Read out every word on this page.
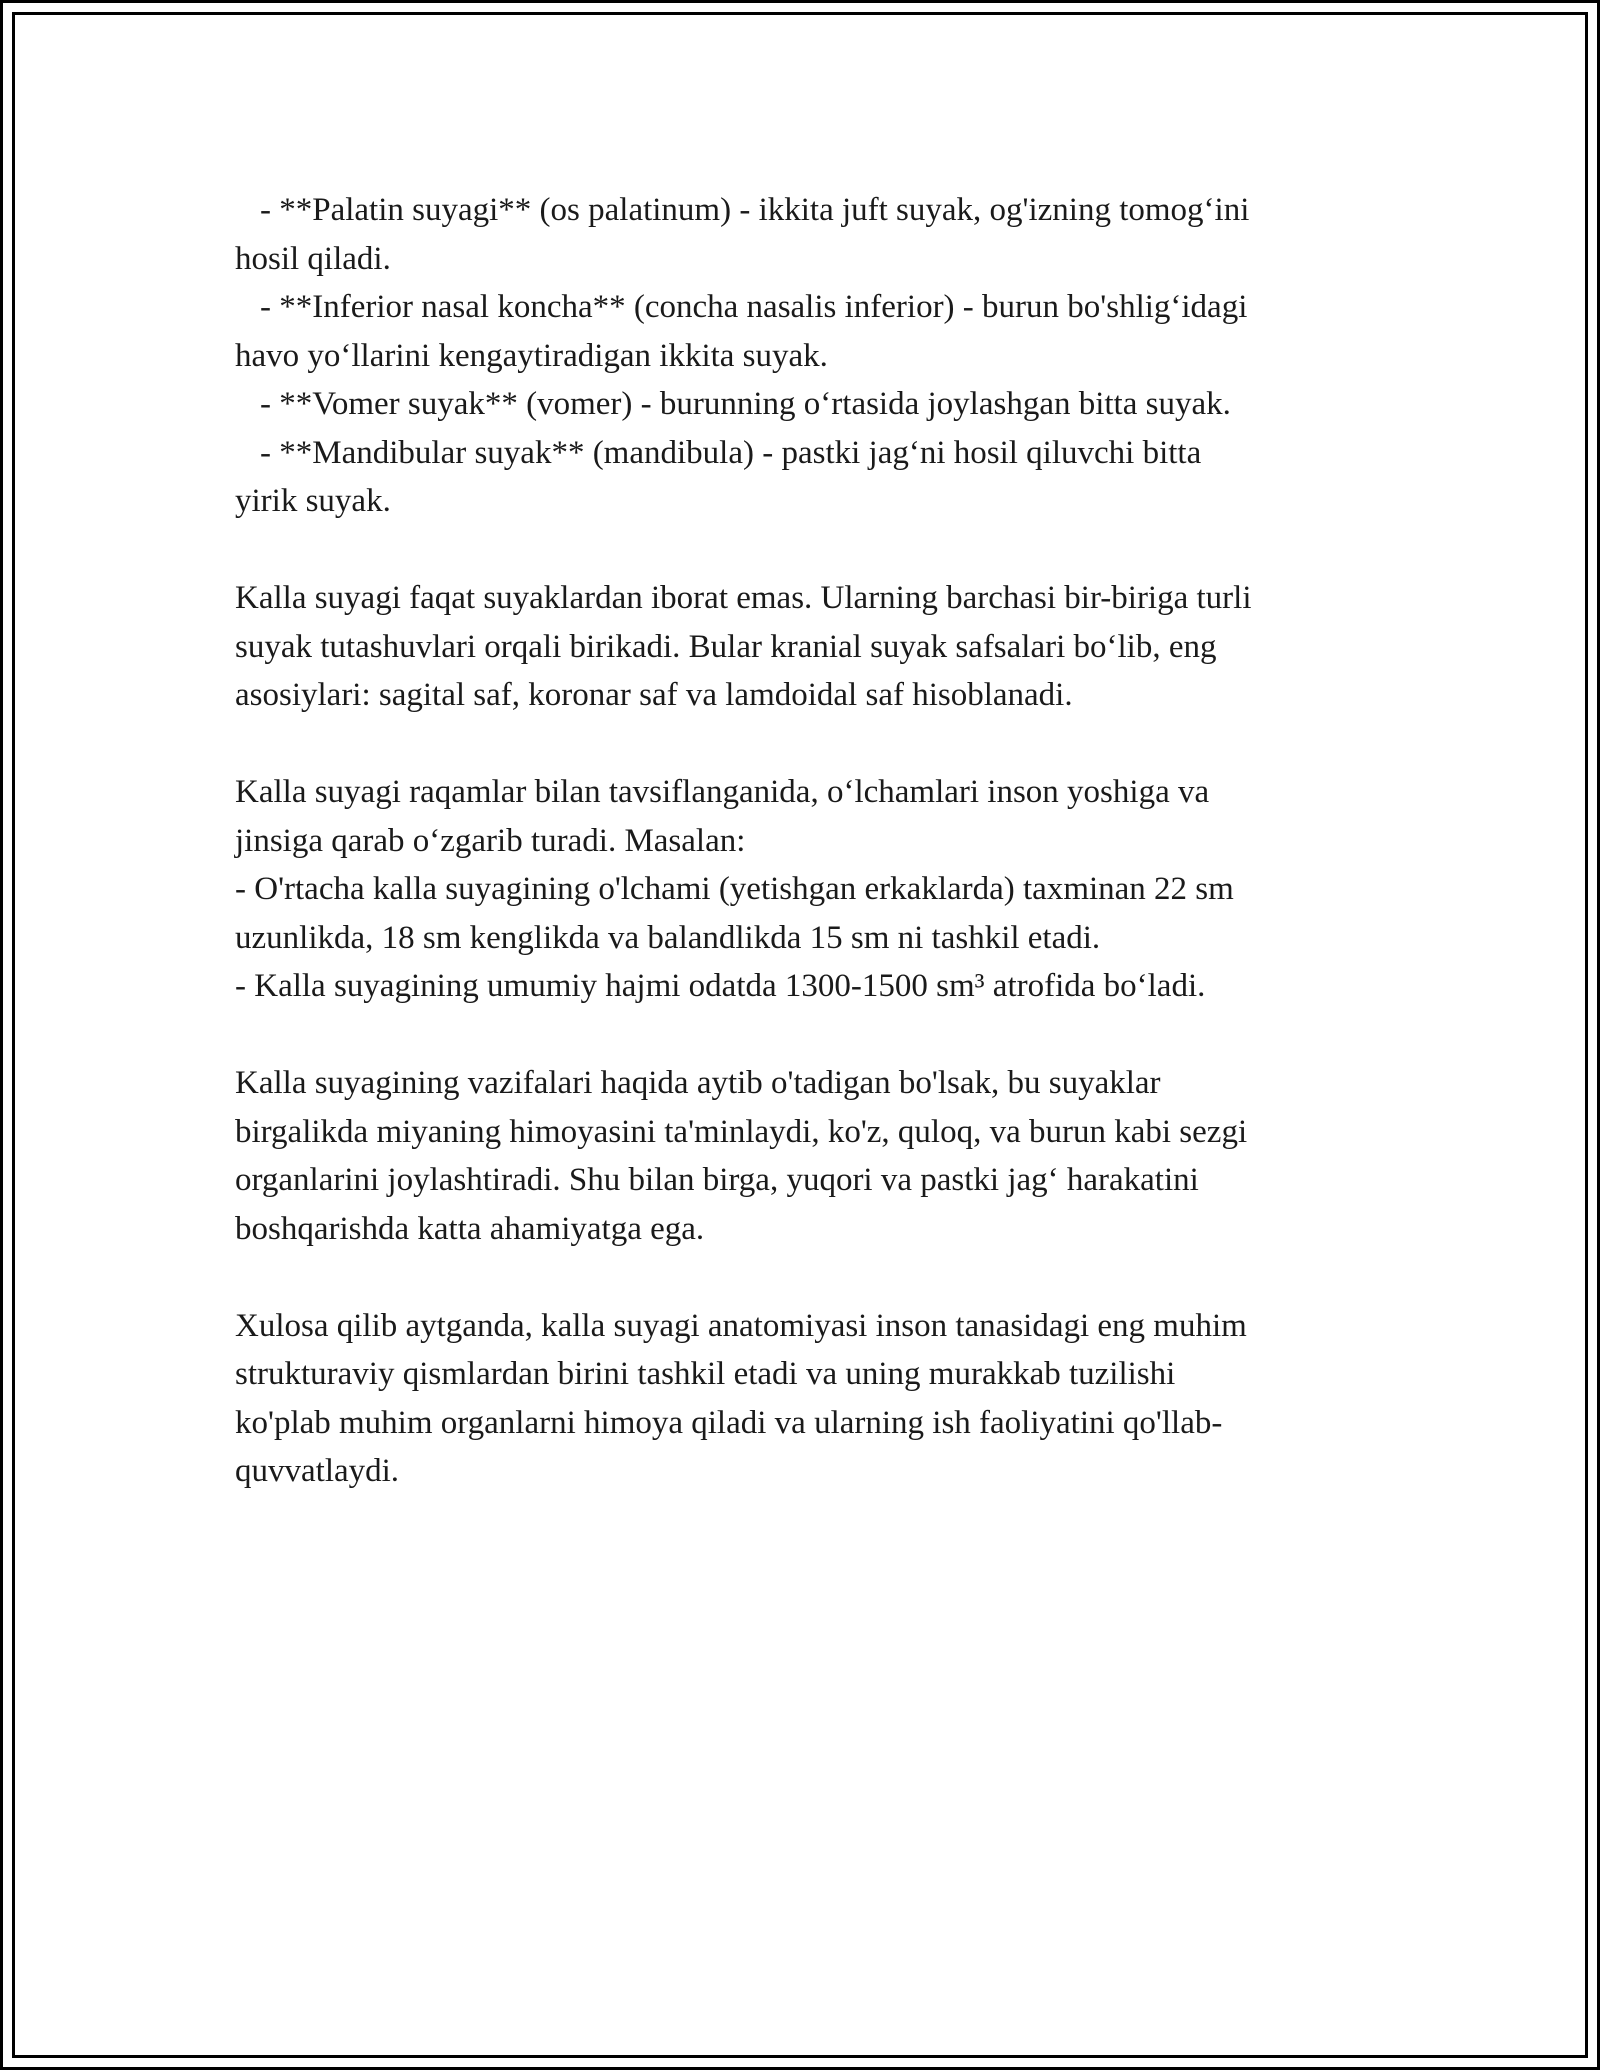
- **Palatin suyagi** (os palatinum) - ikkita juft suyak, og'izning tomog‘ini
hosil qiladi.
- **Inferior nasal koncha** (concha nasalis inferior) - burun bo'shlig‘idagi
havo yo‘llarini kengaytiradigan ikkita suyak.
- **Vomer suyak** (vomer) - burunning o‘rtasida joylashgan bitta suyak.
- **Mandibular suyak** (mandibula) - pastki jag‘ni hosil qiluvchi bitta
yirik suyak.
Kalla suyagi faqat suyaklardan iborat emas. Ularning barchasi bir-biriga turli
suyak tutashuvlari orqali birikadi. Bular kranial suyak safsalari bo‘lib, eng
asosiylari: sagital saf, koronar saf va lamdoidal saf hisoblanadi.
Kalla suyagi raqamlar bilan tavsiflanganida, o‘lchamlari inson yoshiga va
jinsiga qarab o‘zgarib turadi. Masalan:
- O'rtacha kalla suyagining o'lchami (yetishgan erkaklarda) taxminan 22 sm
uzunlikda, 18 sm kenglikda va balandlikda 15 sm ni tashkil etadi.
- Kalla suyagining umumiy hajmi odatda 1300-1500 sm³ atrofida bo‘ladi.
Kalla suyagining vazifalari haqida aytib o'tadigan bo'lsak, bu suyaklar
birgalikda miyaning himoyasini ta'minlaydi, ko'z, quloq, va burun kabi sezgi
organlarini joylashtiradi. Shu bilan birga, yuqori va pastki jag‘ harakatini
boshqarishda katta ahamiyatga ega.
Xulosa qilib aytganda, kalla suyagi anatomiyasi inson tanasidagi eng muhim
strukturaviy qismlardan birini tashkil etadi va uning murakkab tuzilishi
ko'plab muhim organlarni himoya qiladi va ularning ish faoliyatini qo'llab-
quvvatlaydi.
